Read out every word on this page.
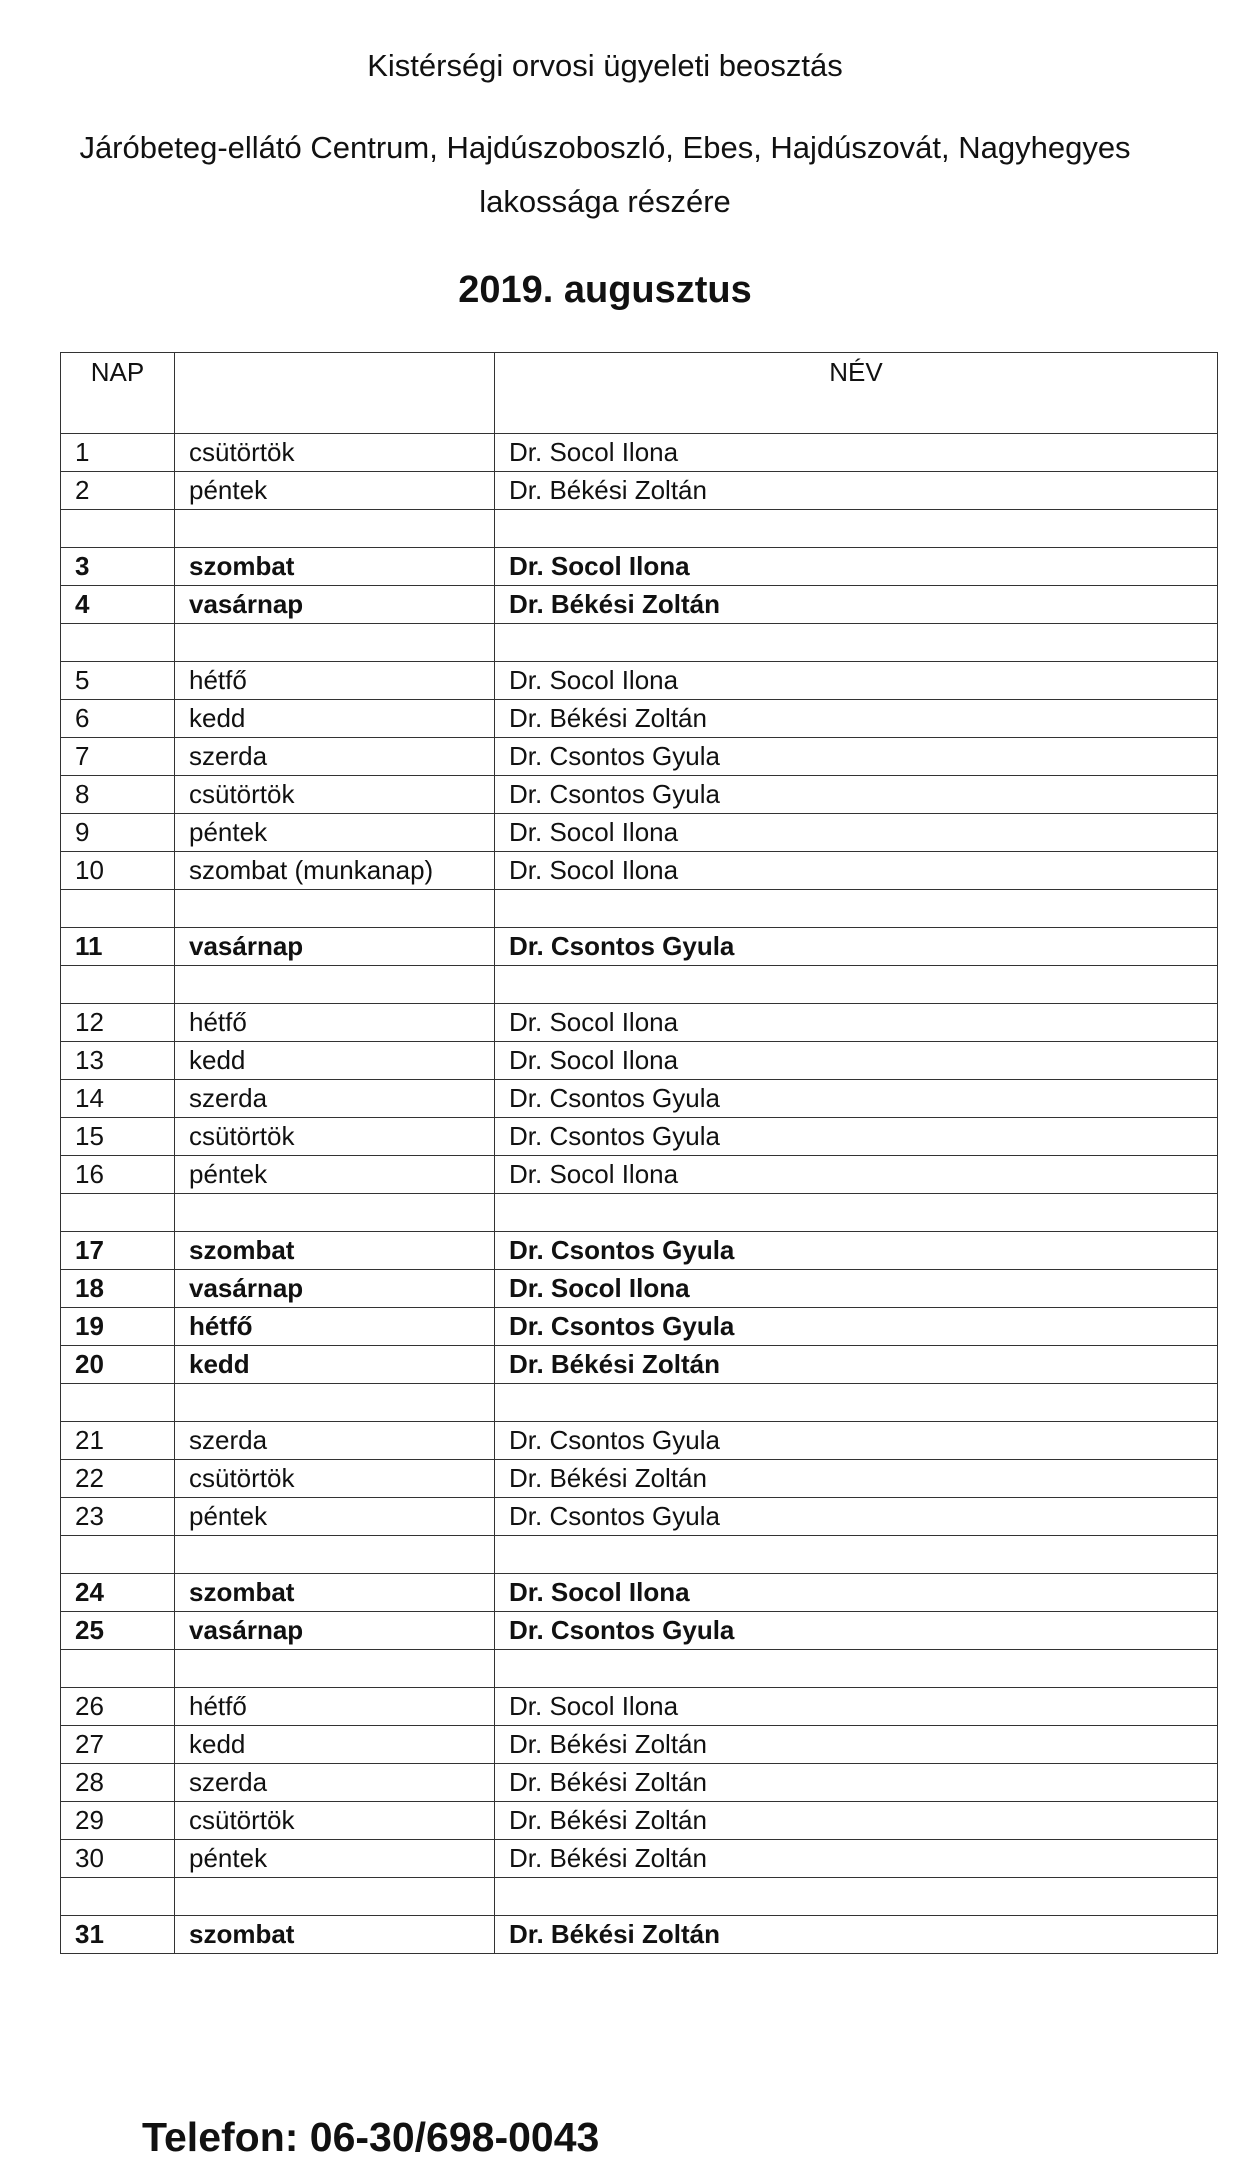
Kistérségi orvosi ügyeleti beosztás

Járóbeteg-ellátó Centrum, Hajdúszoboszló, Ebes, Hajdúszovát, Nagyhegyes

lakossága részére

2019. augusztus
NAP		NÉV
1	csütörtök	Dr. Socol Ilona
2	péntek	Dr. Békési Zoltán

3	szombat	Dr. Socol Ilona
4	vasárnap	Dr. Békési Zoltán

5	hétfő	Dr. Socol Ilona
6	kedd	Dr. Békési Zoltán
7	szerda	Dr. Csontos Gyula
8	csütörtök	Dr. Csontos Gyula
9	péntek	Dr. Socol Ilona
10	szombat (munkanap)	Dr. Socol Ilona

11	vasárnap	Dr. Csontos Gyula

12	hétfő	Dr. Socol Ilona
13	kedd	Dr. Socol Ilona
14	szerda	Dr. Csontos Gyula
15	csütörtök	Dr. Csontos Gyula
16	péntek	Dr. Socol Ilona

17	szombat	Dr. Csontos Gyula
18	vasárnap	Dr. Socol Ilona
19	hétfő	Dr. Csontos Gyula
20	kedd	Dr. Békési Zoltán

21	szerda	Dr. Csontos Gyula
22	csütörtök	Dr. Békési Zoltán
23	péntek	Dr. Csontos Gyula

24	szombat	Dr. Socol Ilona
25	vasárnap	Dr. Csontos Gyula

26	hétfő	Dr. Socol Ilona
27	kedd	Dr. Békési Zoltán
28	szerda	Dr. Békési Zoltán
29	csütörtök	Dr. Békési Zoltán
30	péntek	Dr. Békési Zoltán

31	szombat	Dr. Békési Zoltán

Telefon: 06-30/698-0043
